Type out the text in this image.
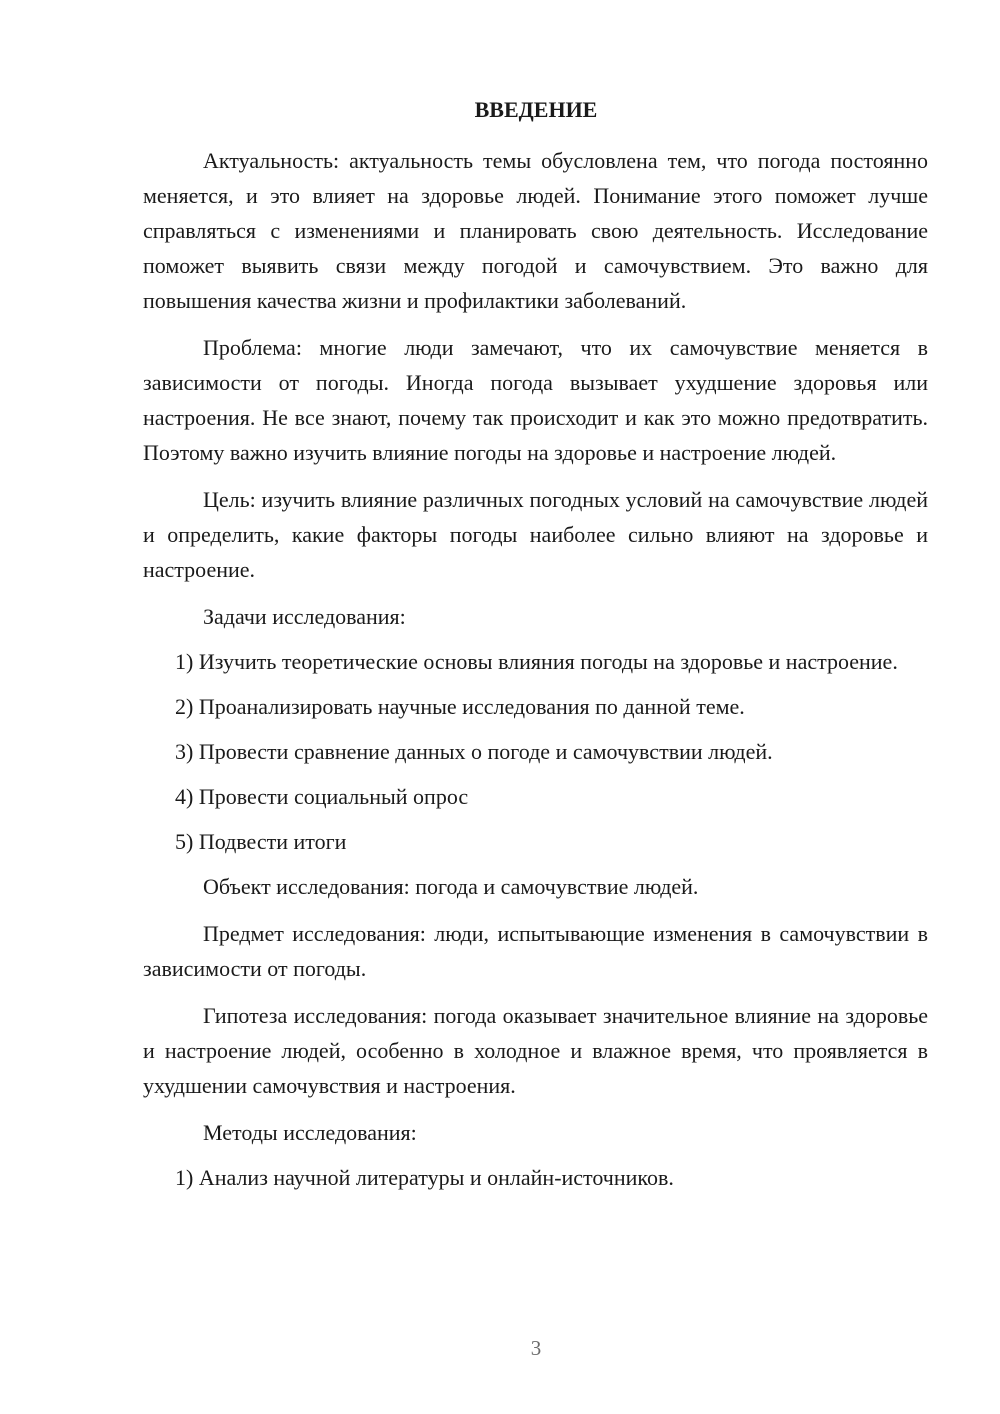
ВВЕДЕНИЕ

Актуальность: актуальность темы обусловлена тем, что погода постоянно меняется, и это влияет на здоровье людей. Понимание этого поможет лучше справляться с изменениями и планировать свою деятельность. Исследование поможет выявить связи между погодой и самочувствием. Это важно для повышения качества жизни и профилактики заболеваний.

Проблема: многие люди замечают, что их самочувствие меняется в зависимости от погоды. Иногда погода вызывает ухудшение здоровья или настроения. Не все знают, почему так происходит и как это можно предотвратить. Поэтому важно изучить влияние погоды на здоровье и настроение людей.

Цель: изучить влияние различных погодных условий на самочувствие людей и определить, какие факторы погоды наиболее сильно влияют на здоровье и настроение.

Задачи исследования:

1) Изучить теоретические основы влияния погоды на здоровье и настроение.

2) Проанализировать научные исследования по данной теме.

3) Провести сравнение данных о погоде и самочувствии людей.

4) Провести социальный опрос

5) Подвести итоги

Объект исследования: погода и самочувствие людей.

Предмет исследования: люди, испытывающие изменения в самочувствии в зависимости от погоды.

Гипотеза исследования: погода оказывает значительное влияние на здоровье и настроение людей, особенно в холодное и влажное время, что проявляется в ухудшении самочувствия и настроения.

Методы исследования:

1) Анализ научной литературы и онлайн-источников.

3
